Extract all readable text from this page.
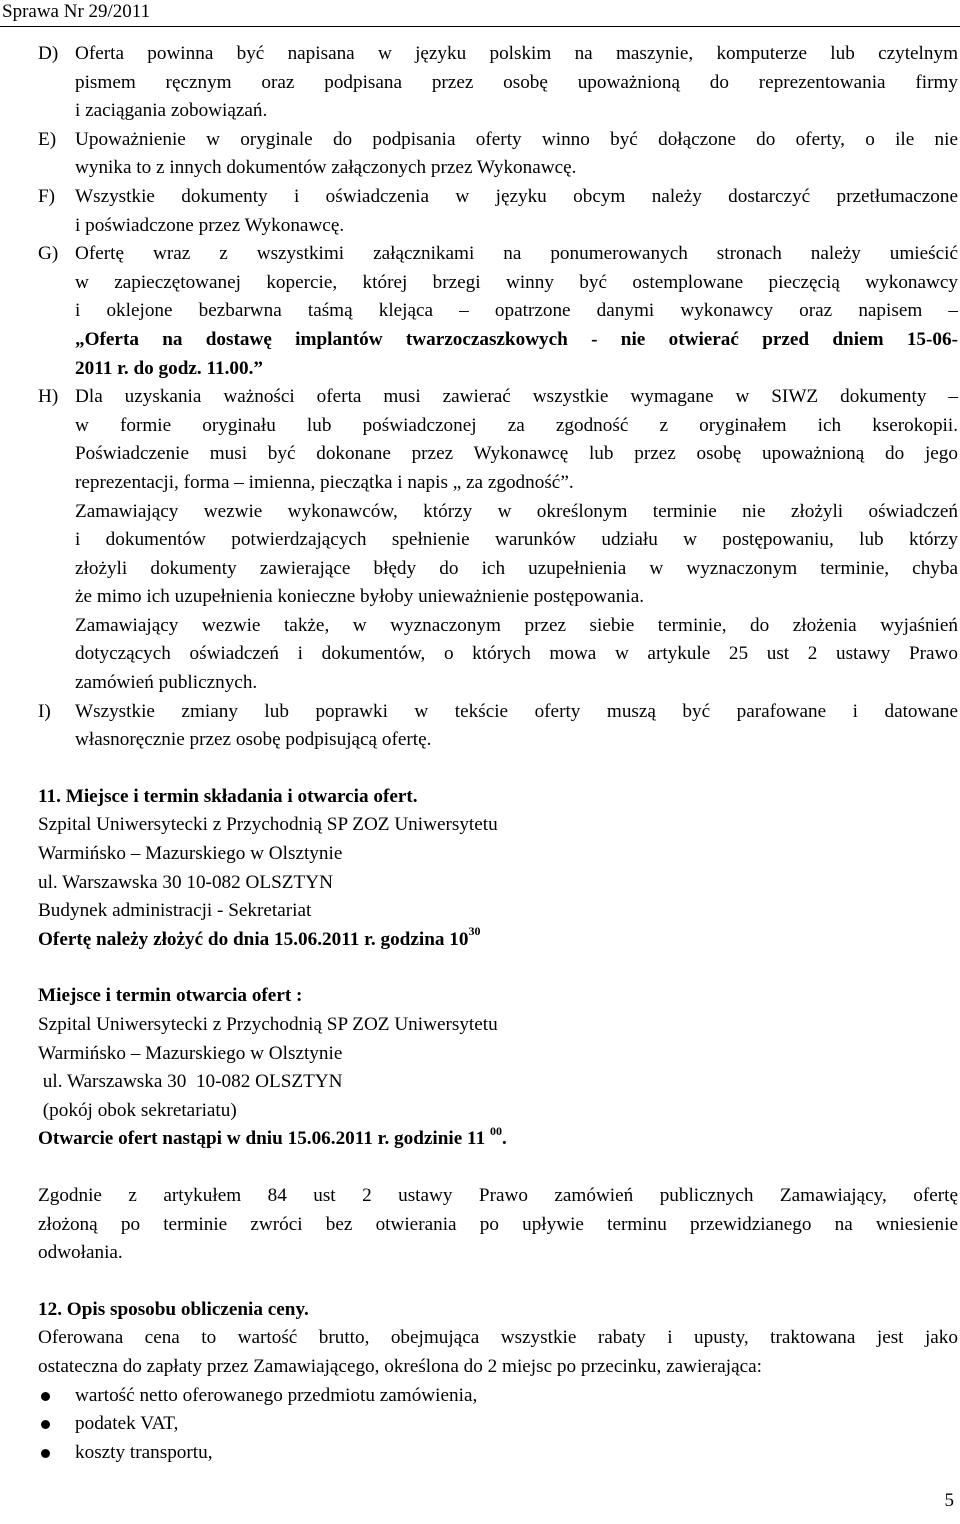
Sprawa Nr 29/2011
D) Oferta powinna być napisana w języku polskim na maszynie, komputerze lub czytelnym

pismem ręcznym oraz podpisana przez osobę upoważnioną do reprezentowania firmy

i zaciągania zobowiązań.

E) Upoważnienie w oryginale do podpisania oferty winno być dołączone do oferty, o ile nie

wynika to z innych dokumentów załączonych przez Wykonawcę.

F)	Wszystkie dokumenty i oświadczenia w języku obcym należy dostarczyć przetłumaczone

i poświadczone przez Wykonawcę.

G) Ofertę wraz z wszystkimi załącznikami na ponumerowanych stronach należy umieścić

w zapieczętowanej kopercie, której brzegi winny być ostemplowane pieczęcią wykonawcy

i oklejone bezbarwna taśmą klejąca – opatrzone danymi wykonawcy oraz napisem –

„Oferta na dostawę implantów twarzoczaszkowych - nie otwierać przed dniem 15-06-

2011 r. do godz. 11.00.”

H) Dla uzyskania ważności oferta musi zawierać wszystkie wymagane w SIWZ dokumenty –

w formie oryginału lub poświadczonej za zgodność z oryginałem ich kserokopii.

Poświadczenie musi być dokonane przez Wykonawcę lub przez osobę upoważnioną do jego

reprezentacji, forma – imienna, pieczątka i napis „ za zgodność”.

Zamawiający wezwie wykonawców, którzy w określonym terminie nie złożyli oświadczeń

i dokumentów potwierdzających spełnienie warunków udziału w postępowaniu, lub którzy

złożyli dokumenty zawierające błędy do ich uzupełnienia w wyznaczonym terminie, chyba

że mimo ich uzupełnienia konieczne byłoby unieważnienie postępowania.

Zamawiający wezwie także, w wyznaczonym przez siebie terminie, do złożenia wyjaśnień

dotyczących oświadczeń i dokumentów, o których mowa w artykule 25 ust 2 ustawy Prawo

zamówień publicznych.

I)	Wszystkie zmiany lub poprawki w tekście oferty muszą być parafowane i datowane

własnoręcznie przez osobę podpisującą ofertę.

11. Miejsce i termin składania i otwarcia ofert.

Szpital Uniwersytecki z Przychodnią SP ZOZ Uniwersytetu

Warmińsko – Mazurskiego w Olsztynie

ul. Warszawska 30 10-082 OLSZTYN

Budynek administracji - Sekretariat

Ofertę należy złożyć do dnia 15.06.2011 r. godzina $10^{30}$

Miejsce i termin otwarcia ofert :

Szpital Uniwersytecki z Przychodnią SP ZOZ Uniwersytetu

Warmińsko – Mazurskiego w Olsztynie

ul. Warszawska 30  10-082 OLSZTYN

(pokój obok sekretariatu)

Otwarcie ofert nastąpi w dniu 15.06.2011 r. godzinie 11 $^{00}$.

Zgodnie z artykułem 84 ust 2 ustawy Prawo zamówień publicznych Zamawiający, ofertę

złożoną po terminie zwróci bez otwierania po upływie terminu przewidzianego na wniesienie

odwołania.

12. Opis sposobu obliczenia ceny.

Oferowana cena to wartość brutto, obejmująca wszystkie rabaty i upusty, traktowana jest jako

ostateczna do zapłaty przez Zamawiającego, określona do 2 miejsc po przecinku, zawierająca:

wartość netto oferowanego przedmiotu zamówienia,
podatek VAT,
koszty transportu,
5
